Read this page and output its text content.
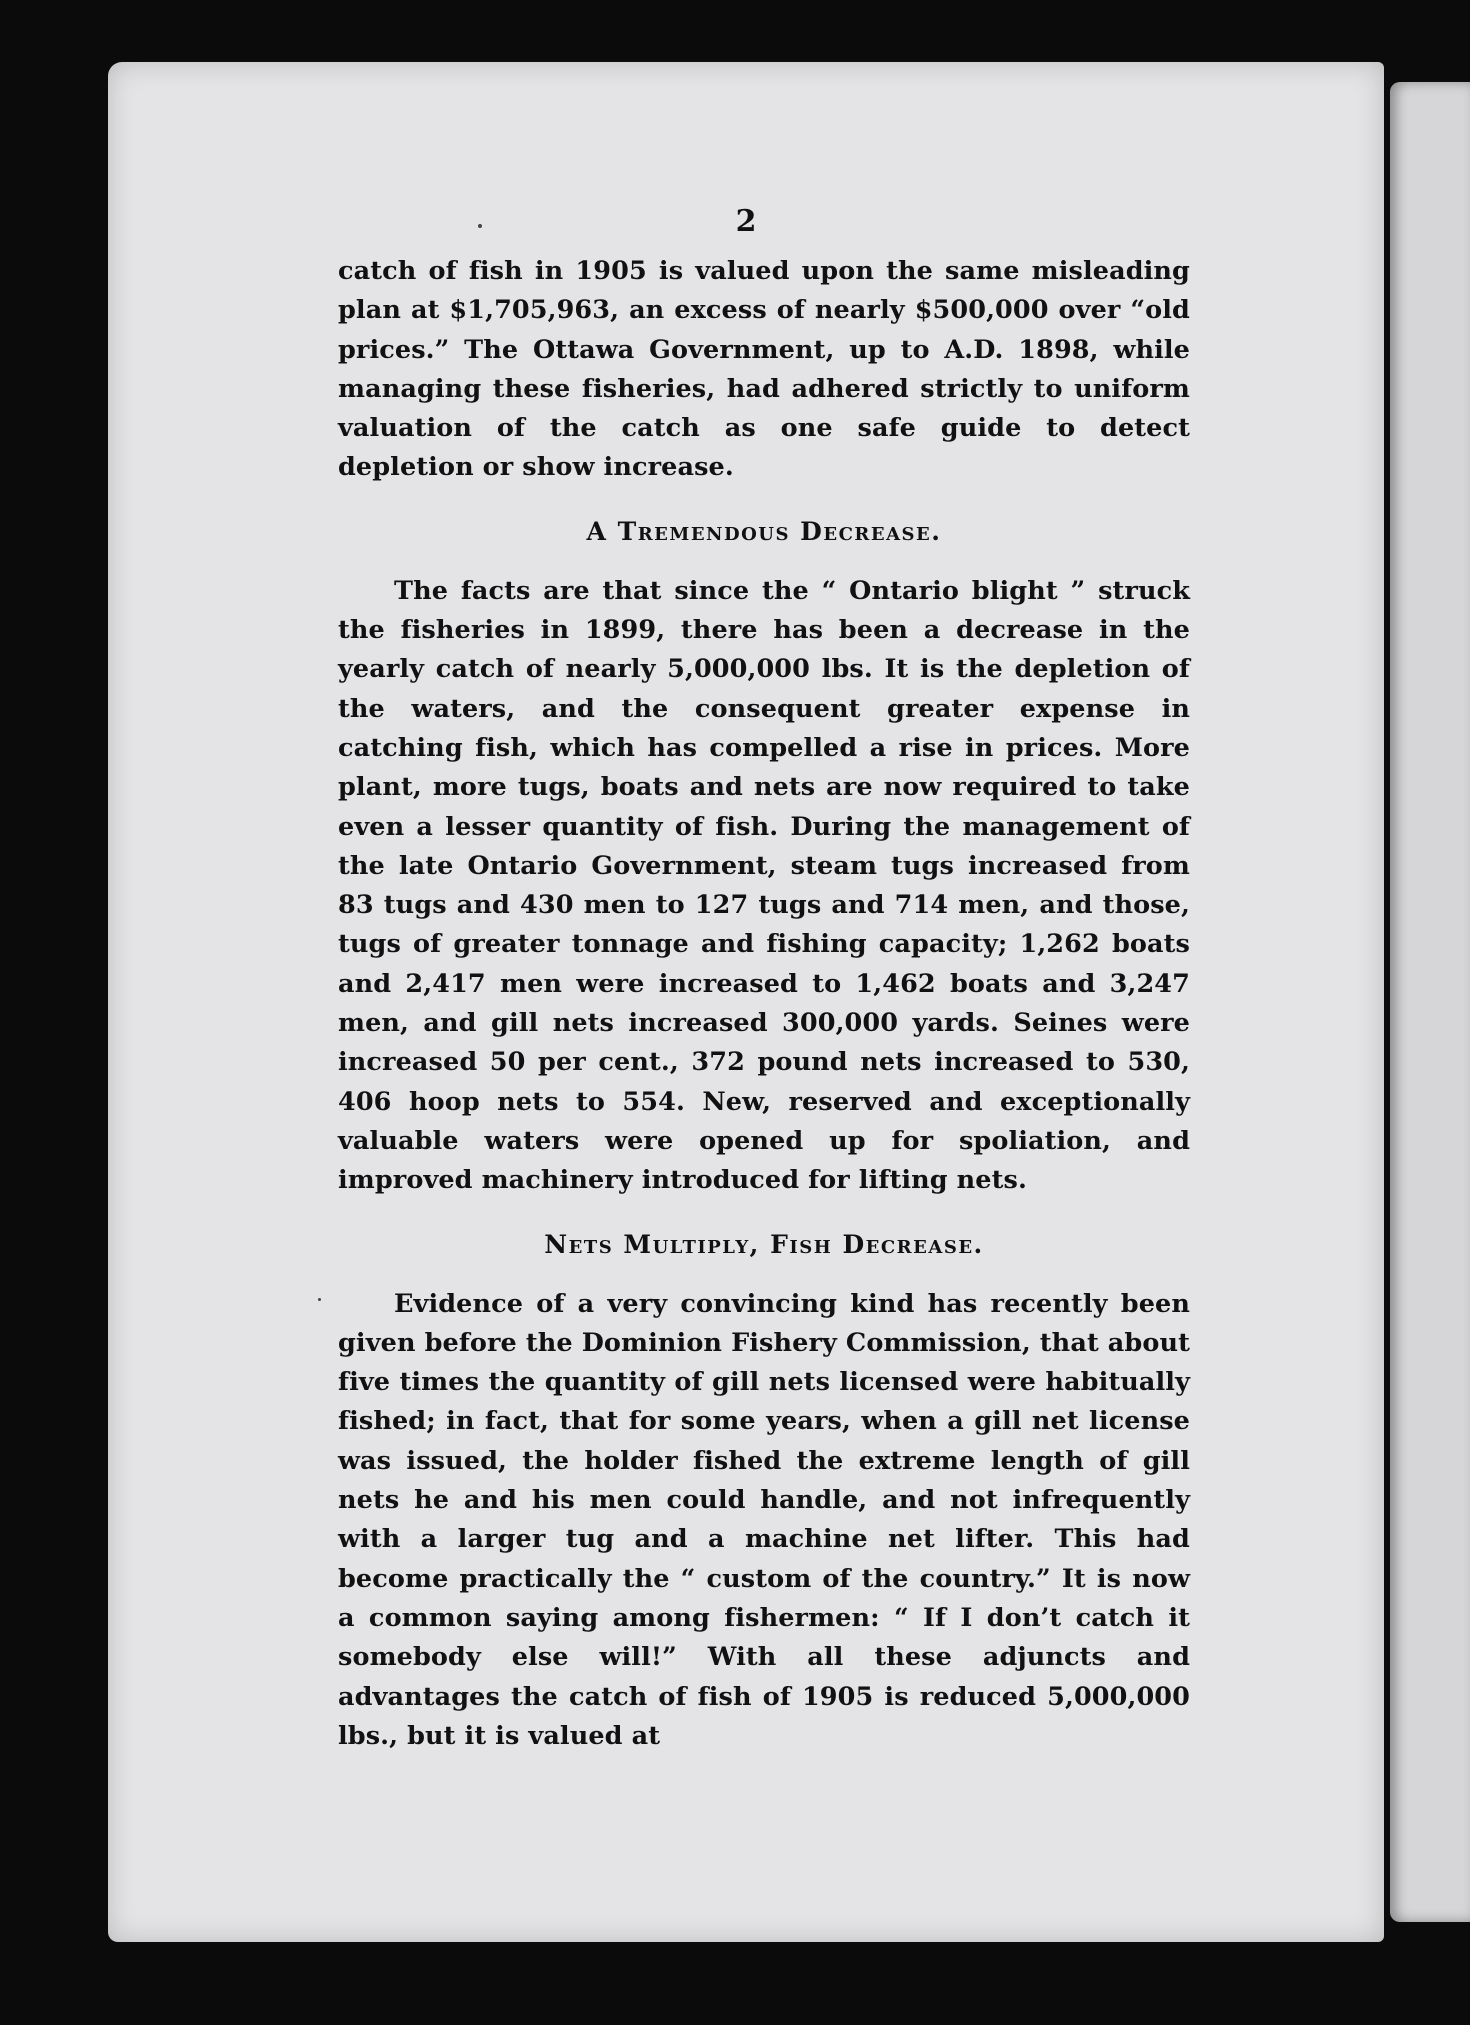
2

catch of fish in 1905 is valued upon the same misleading plan at $1,705,963, an excess of nearly $500,000 over “old prices.” The Ottawa Government, up to A.D. 1898, while managing these fisheries, had adhered strictly to uniform valuation of the catch as one safe guide to detect depletion or show increase.

A Tremendous Decrease.

The facts are that since the “ Ontario blight ” struck the fisheries in 1899, there has been a decrease in the yearly catch of nearly 5,000,000 lbs. It is the depletion of the waters, and the consequent greater expense in catching fish, which has compelled a rise in prices. More plant, more tugs, boats and nets are now required to take even a lesser quantity of fish. During the management of the late Ontario Government, steam tugs increased from 83 tugs and 430 men to 127 tugs and 714 men, and those, tugs of greater tonnage and fishing capacity; 1,262 boats and 2,417 men were increased to 1,462 boats and 3,247 men, and gill nets increased 300,000 yards. Seines were increased 50 per cent., 372 pound nets increased to 530, 406 hoop nets to 554. New, reserved and exceptionally valuable waters were opened up for spoliation, and improved machinery introduced for lifting nets.

Nets Multiply, Fish Decrease.

Evidence of a very convincing kind has recently been given before the Dominion Fishery Commission, that about five times the quantity of gill nets licensed were habitually fished; in fact, that for some years, when a gill net license was issued, the holder fished the extreme length of gill nets he and his men could handle, and not infrequently with a larger tug and a machine net lifter. This had become practically the “ custom of the country.” It is now a common saying among fishermen: “ If I don’t catch it somebody else will!” With all these adjuncts and advantages the catch of fish of 1905 is reduced 5,000,000 lbs., but it is valued at
